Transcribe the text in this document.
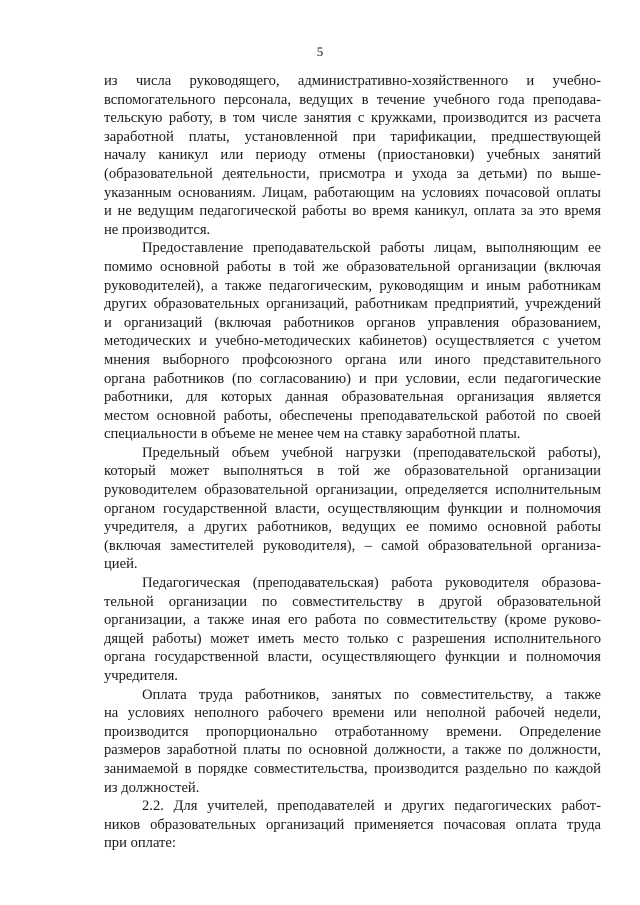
5
из числа руководящего, административно-хозяйственного и учебно-
вспомогательного персонала, ведущих в течение учебного года преподава-
тельскую работу, в том числе занятия с кружками, производится из расчета
заработной платы, установленной при тарификации, предшествующей
началу каникул или периоду отмены (приостановки) учебных занятий
(образовательной деятельности, присмотра и ухода за детьми) по выше-
указанным основаниям. Лицам, работающим на условиях почасовой оплаты
и не ведущим педагогической работы во время каникул, оплата за это время
не производится.
Предоставление преподавательской работы лицам, выполняющим ее
помимо основной работы в той же образовательной организации (включая
руководителей), а также педагогическим, руководящим и иным работникам
других образовательных организаций, работникам предприятий, учреждений
и организаций (включая работников органов управления образованием,
методических и учебно-методических кабинетов) осуществляется с учетом
мнения выборного профсоюзного органа или иного представительного
органа работников (по согласованию) и при условии, если педагогические
работники, для которых данная образовательная организация является
местом основной работы, обеспечены преподавательской работой по своей
специальности в объеме не менее чем на ставку заработной платы.
Предельный объем учебной нагрузки (преподавательской работы),
который может выполняться в той же образовательной организации
руководителем образовательной организации, определяется исполнительным
органом государственной власти, осуществляющим функции и полномочия
учредителя, а других работников, ведущих ее помимо основной работы
(включая заместителей руководителя), – самой образовательной организа-
цией.
Педагогическая (преподавательская) работа руководителя образова-
тельной организации по совместительству в другой образовательной
организации, а также иная его работа по совместительству (кроме руково-
дящей работы) может иметь место только с разрешения исполнительного
органа государственной власти, осуществляющего функции и полномочия
учредителя.
Оплата труда работников, занятых по совместительству, а также
на условиях неполного рабочего времени или неполной рабочей недели,
производится пропорционально отработанному времени. Определение
размеров заработной платы по основной должности, а также по должности,
занимаемой в порядке совместительства, производится раздельно по каждой
из должностей.
2.2. Для учителей, преподавателей и других педагогических работ-
ников образовательных организаций применяется почасовая оплата труда
при оплате:
